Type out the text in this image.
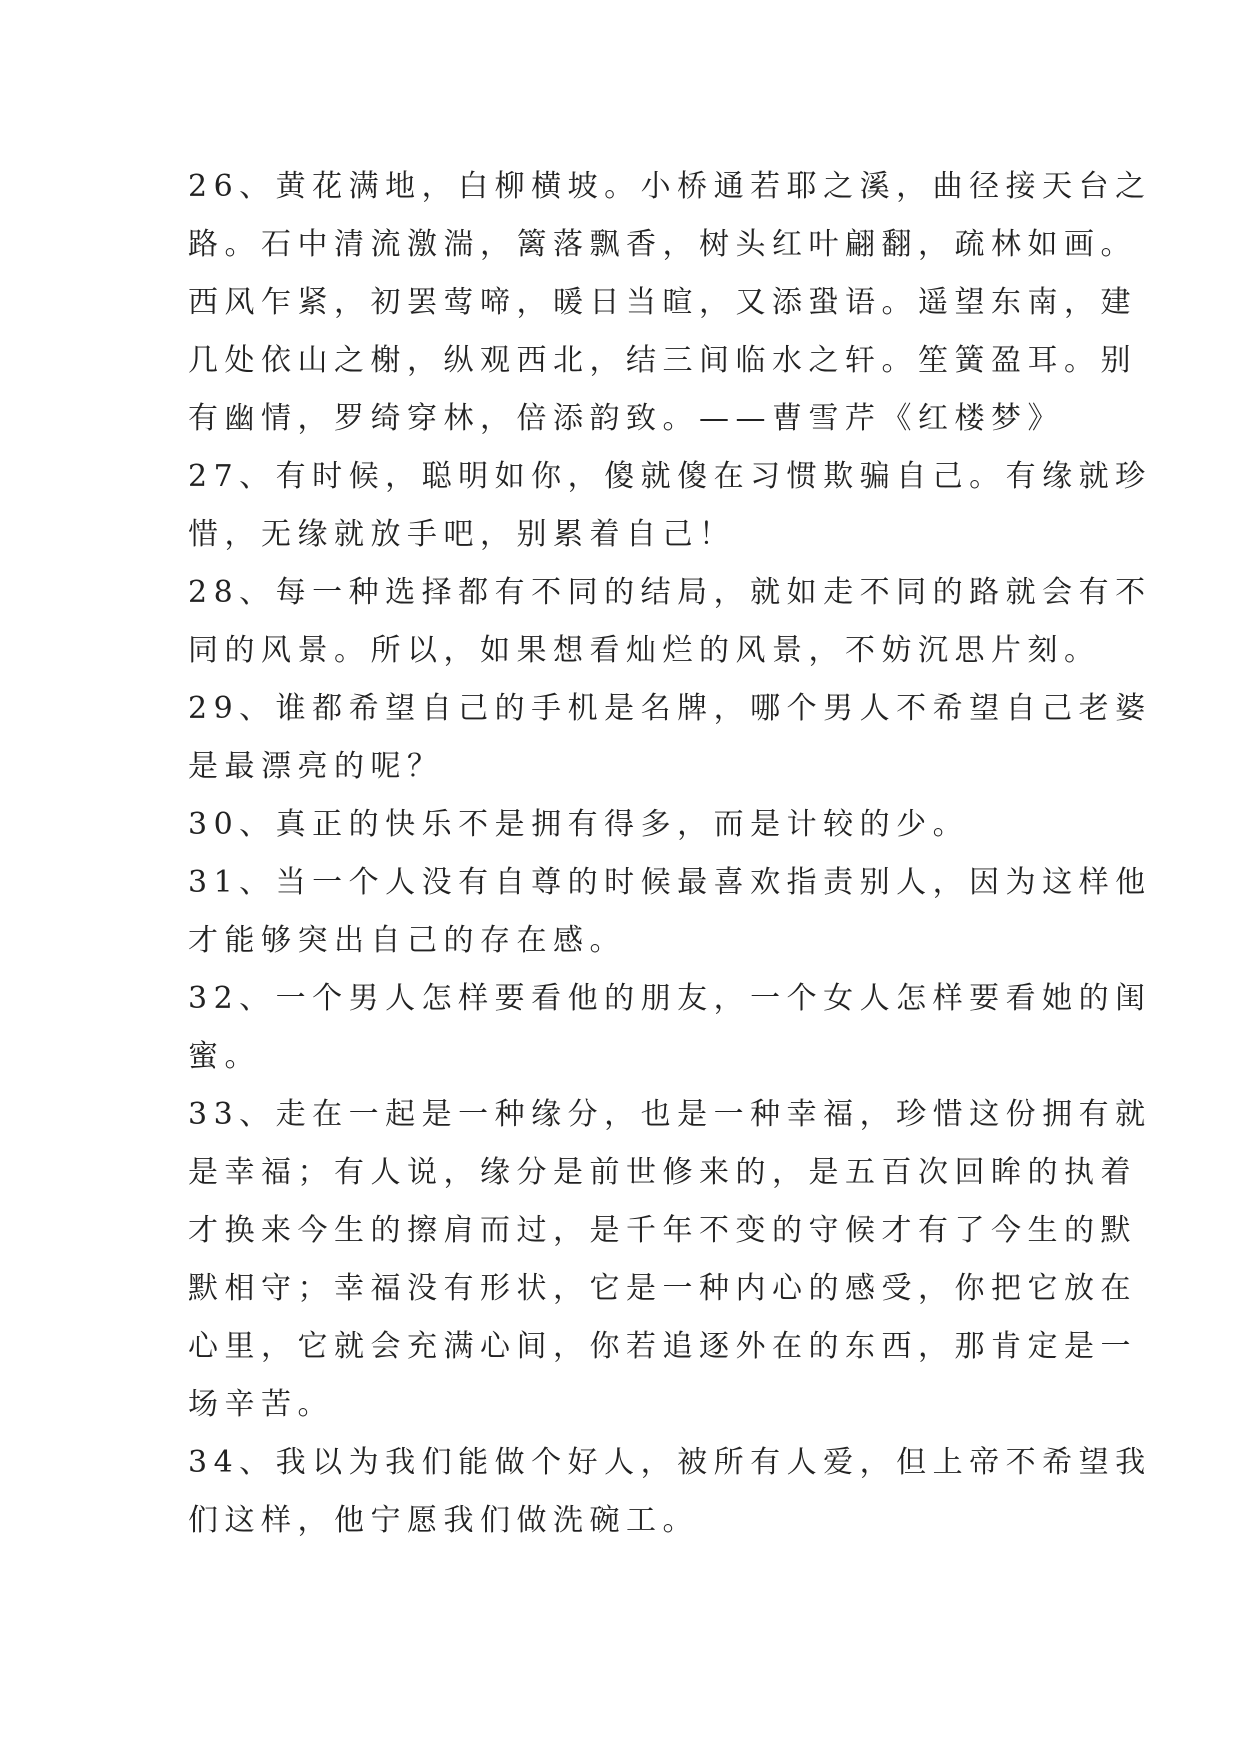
26、黄花满地，白柳横坡。小桥通若耶之溪，曲径接天台之
路。石中清流激湍，篱落飘香，树头红叶翩翻，疏林如画。
西风乍紧，初罢莺啼，暖日当暄，又添蛩语。遥望东南，建
几处依山之榭，纵观西北，结三间临水之轩。笙簧盈耳。别
有幽情，罗绮穿林，倍添韵致。——曹雪芹《红楼梦》
27、有时候，聪明如你，傻就傻在习惯欺骗自己。有缘就珍
惜，无缘就放手吧，别累着自己！
28、每一种选择都有不同的结局，就如走不同的路就会有不
同的风景。所以，如果想看灿烂的风景，不妨沉思片刻。
29、谁都希望自己的手机是名牌，哪个男人不希望自己老婆
是最漂亮的呢？
30、真正的快乐不是拥有得多，而是计较的少。
31、当一个人没有自尊的时候最喜欢指责别人，因为这样他
才能够突出自己的存在感。
32、一个男人怎样要看他的朋友，一个女人怎样要看她的闺
蜜。
33、走在一起是一种缘分，也是一种幸福，珍惜这份拥有就
是幸福；有人说，缘分是前世修来的，是五百次回眸的执着
才换来今生的擦肩而过，是千年不变的守候才有了今生的默
默相守；幸福没有形状，它是一种内心的感受，你把它放在
心里，它就会充满心间，你若追逐外在的东西，那肯定是一
场辛苦。
34、我以为我们能做个好人，被所有人爱，但上帝不希望我
们这样，他宁愿我们做洗碗工。
